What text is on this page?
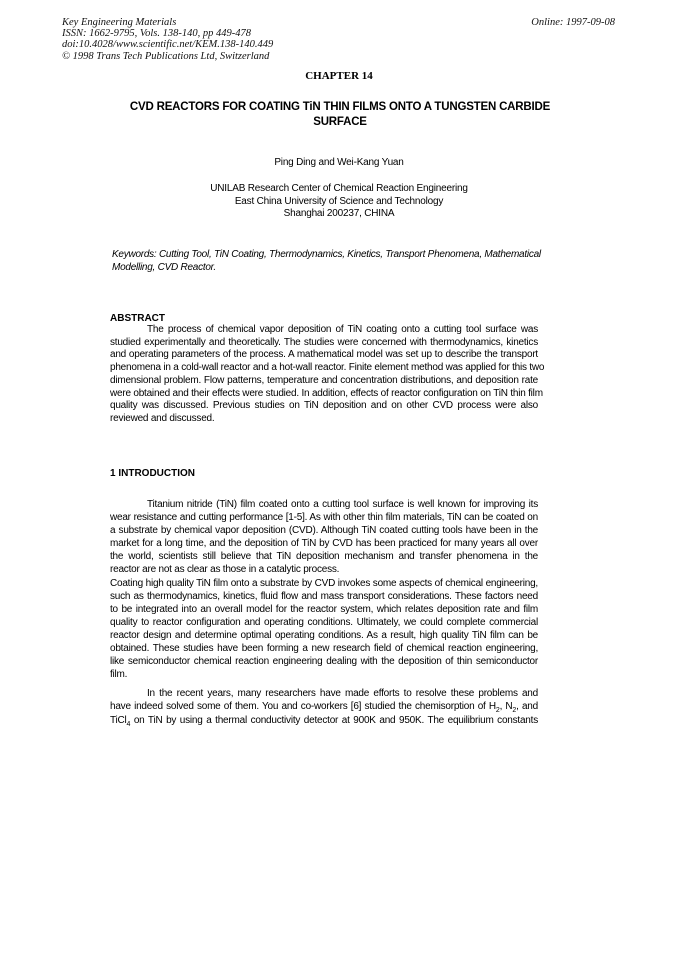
Key Engineering Materials
ISSN: 1662-9795, Vols. 138-140, pp 449-478
doi:10.4028/www.scientific.net/KEM.138-140.449
© 1998 Trans Tech Publications Ltd, Switzerland
Online: 1997-09-08
CHAPTER 14
CVD REACTORS FOR COATING TiN THIN FILMS ONTO A TUNGSTEN CARBIDE
SURFACE
Ping Ding and Wei-Kang Yuan
UNILAB Research Center of Chemical Reaction Engineering
East China University of Science and Technology
Shanghai 200237, CHINA
Keywords: Cutting Tool, TiN Coating, Thermodynamics, Kinetics, Transport Phenomena, Mathematical
Modelling, CVD Reactor.
ABSTRACT
The process of chemical vapor deposition of TiN coating onto a cutting tool surface was
studied experimentally and theoretically. The studies were concerned with thermodynamics, kinetics
and operating parameters of the process. A mathematical model was set up to describe the transport
phenomena in a cold-wall reactor and a hot-wall reactor. Finite element method was applied for this two
dimensional problem. Flow patterns, temperature and concentration distributions, and deposition rate
were obtained and their effects were studied. In addition, effects of reactor configuration on TiN thin film
quality was discussed. Previous studies on TiN deposition and on other CVD process were also
reviewed and discussed.
1 INTRODUCTION
Titanium nitride (TiN) film coated onto a cutting tool surface is well known for improving its
wear resistance and cutting performance [1-5]. As with other thin film materials, TiN can be coated on
a substrate by chemical vapor deposition (CVD). Although TiN coated cutting tools have been in the
market for a long time, and the deposition of TiN by CVD has been practiced for many years all over
the world, scientists still believe that TiN deposition mechanism and transfer phenomena in the
reactor are not as clear as those in a catalytic process.
Coating high quality TiN film onto a substrate by CVD invokes some aspects of chemical engineering,
such as thermodynamics, kinetics, fluid flow and mass transport considerations. These factors need
to be integrated into an overall model for the reactor system, which relates deposition rate and film
quality to reactor configuration and operating conditions. Ultimately, we could complete commercial
reactor design and determine optimal operating conditions. As a result, high quality TiN film can be
obtained. These studies have been forming a new research field of chemical reaction engineering,
like semiconductor chemical reaction engineering dealing with the deposition of thin semiconductor
film.
In the recent years, many researchers have made efforts to resolve these problems and
have indeed solved some of them. You and co-workers [6] studied the chemisorption of $H_2$, $N_2$, and
TiCl$_4$ on TiN by using a thermal conductivity detector at 900K and 950K. The equilibrium constants
